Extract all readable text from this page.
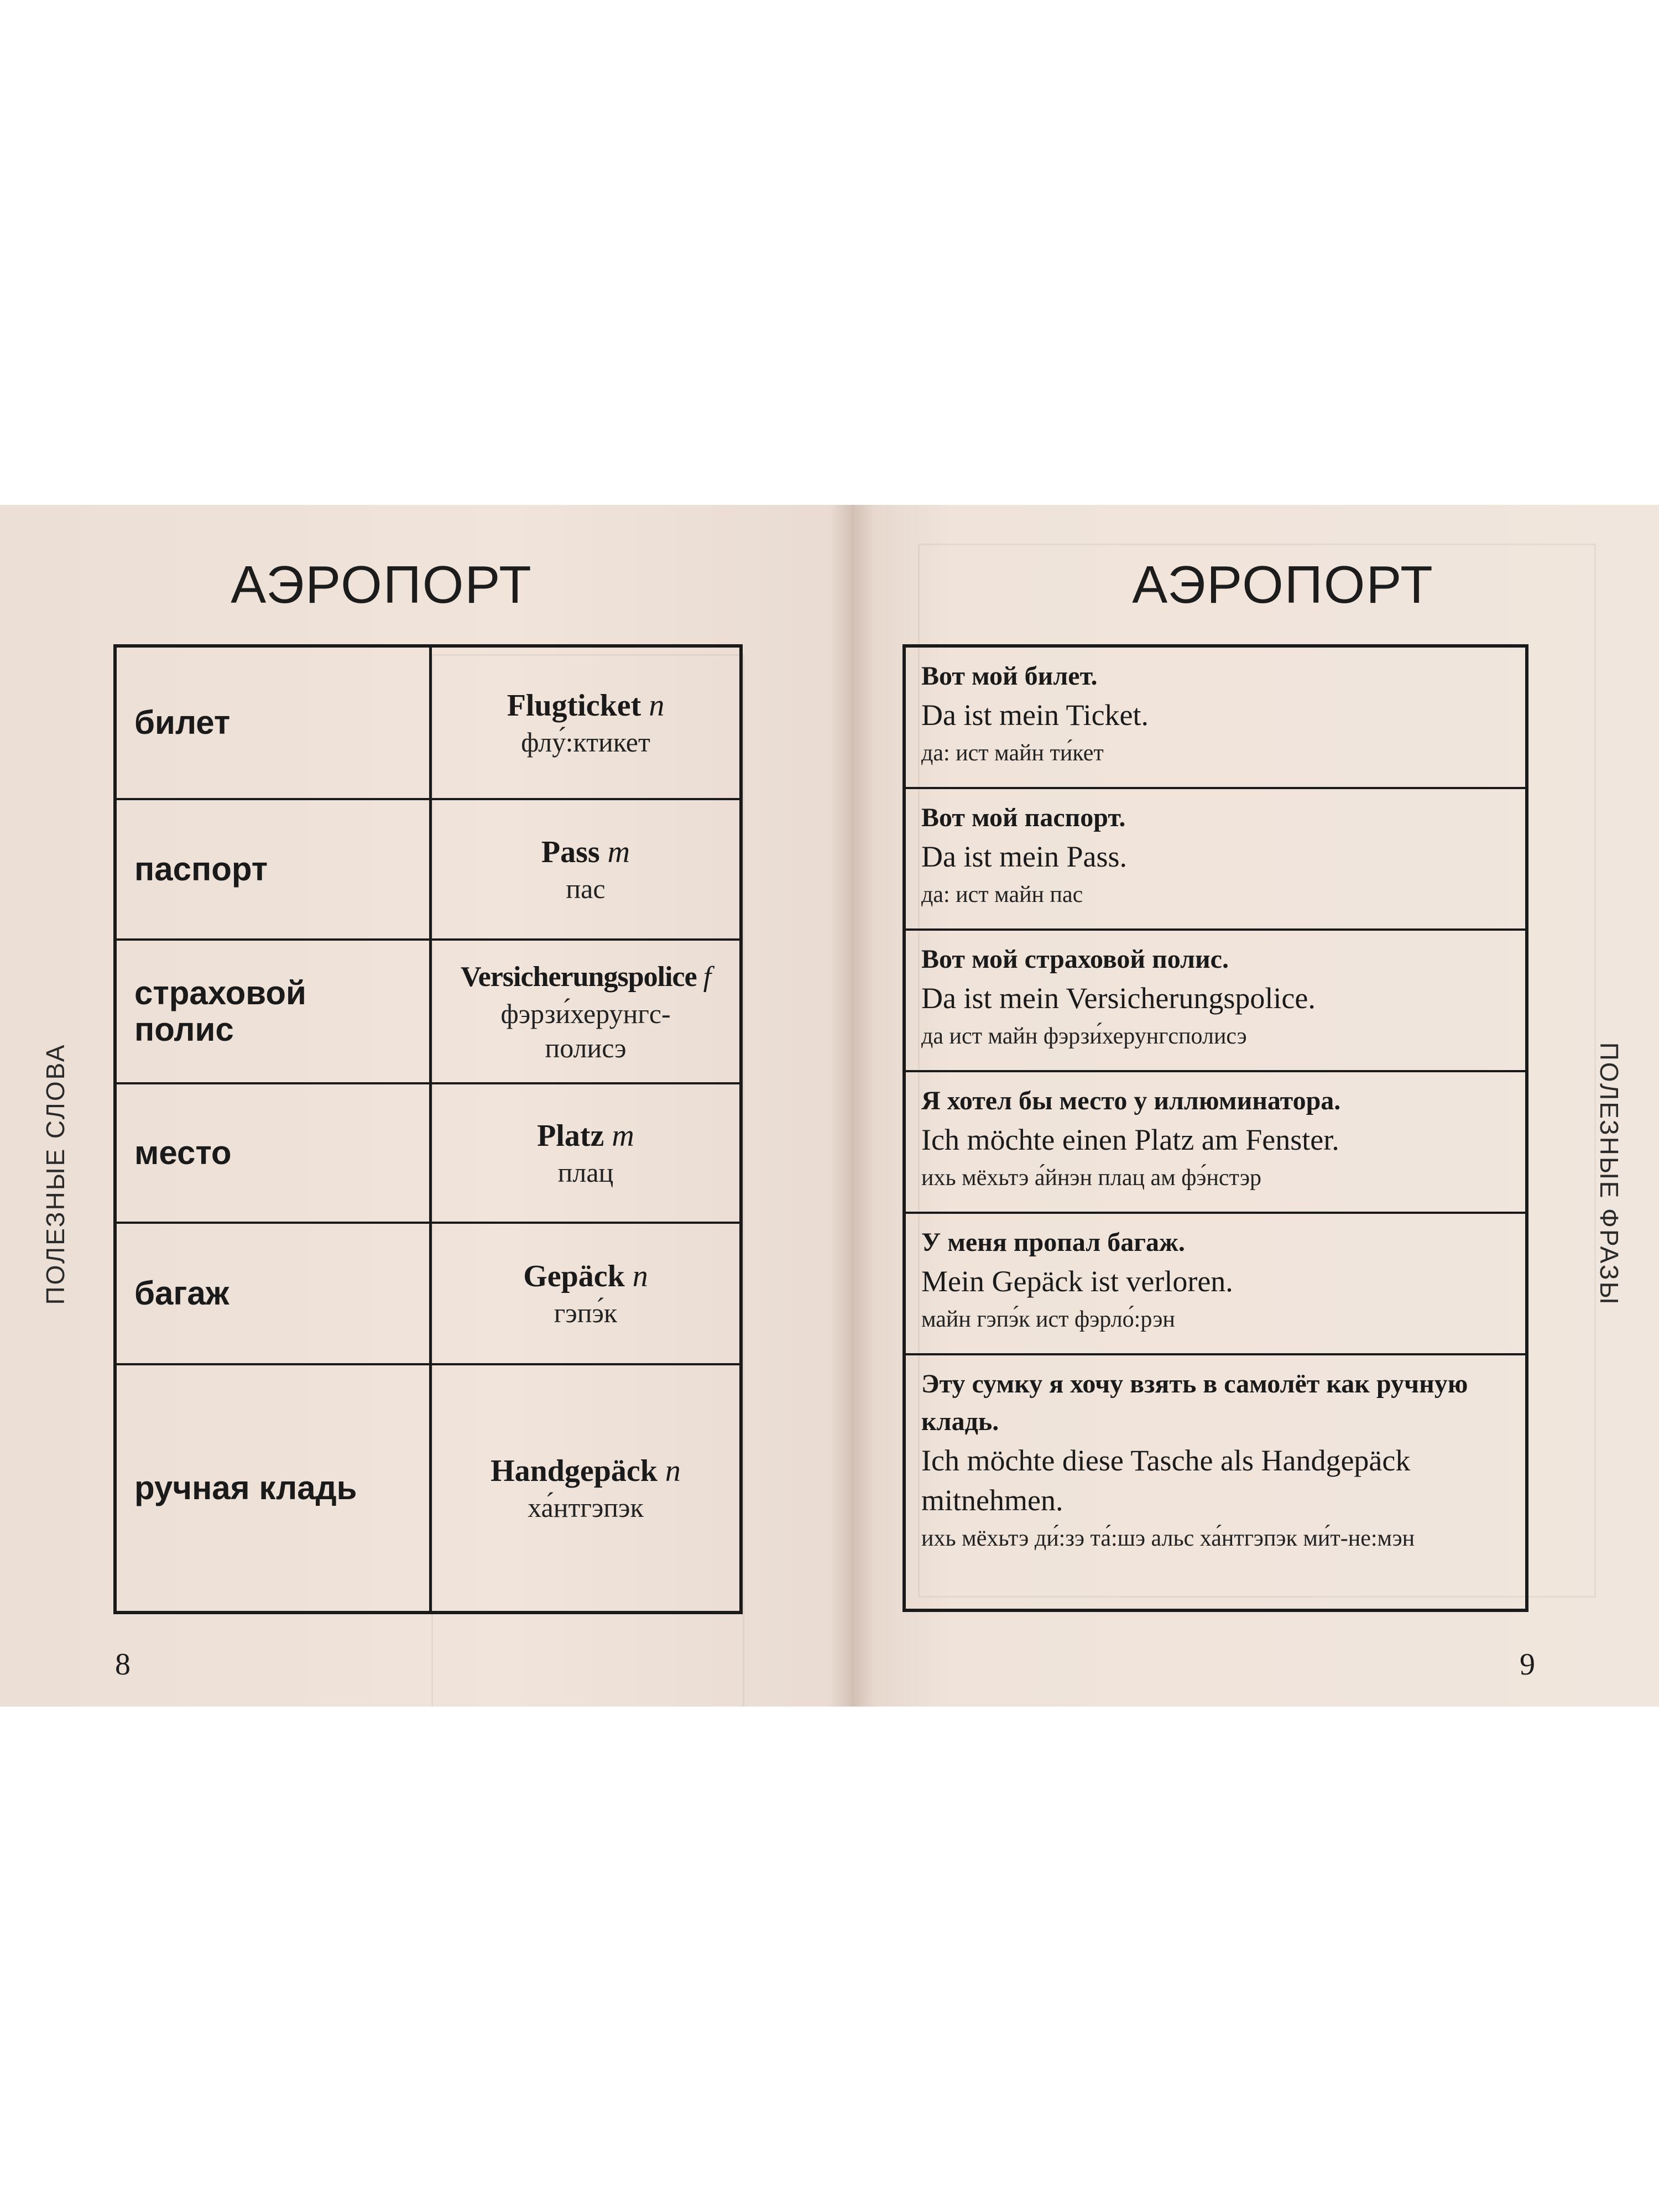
АЭРОПОРТ
ПОЛЕЗНЫЕ СЛОВА
билет	Flugticket n
флу́:ктикет
паспорт	Pass m
пас
страховой полис
Versicherungspolice f
фэрзи́херунгс-полисэ
место	Platz m
плац
багаж	Gepäck n
гэпэ́к
ручная кладь	Handgepäck n
ха́нтгэпэк
8
АЭРОПОРТ
ПОЛЕЗНЫЕ ФРАЗЫ
Вот мой билет.
Da ist mein Ticket.
да: ист майн ти́кет
Вот мой паспорт.
Da ist mein Pass.
да: ист майн пас
Вот мой страховой полис.
Da ist mein Versicherungspolice.
да ист майн фэрзи́херунгсполисэ
Я хотел бы место у иллюминатора.
Ich möchte einen Platz am Fenster.
ихь мёхьтэ а́йнэн плац ам фэ́нстэр
У меня пропал багаж.
Mein Gepäck ist verloren.
майн гэпэ́к ист фэрло́:рэн
Эту сумку я хочу взять в самолёт как ручную кладь.
Ich möchte diese Tasche als Handgepäck mitnehmen.
ихь мёхьтэ ди́:зэ та́:шэ альс ха́нтгэпэк ми́т-не:мэн
9
